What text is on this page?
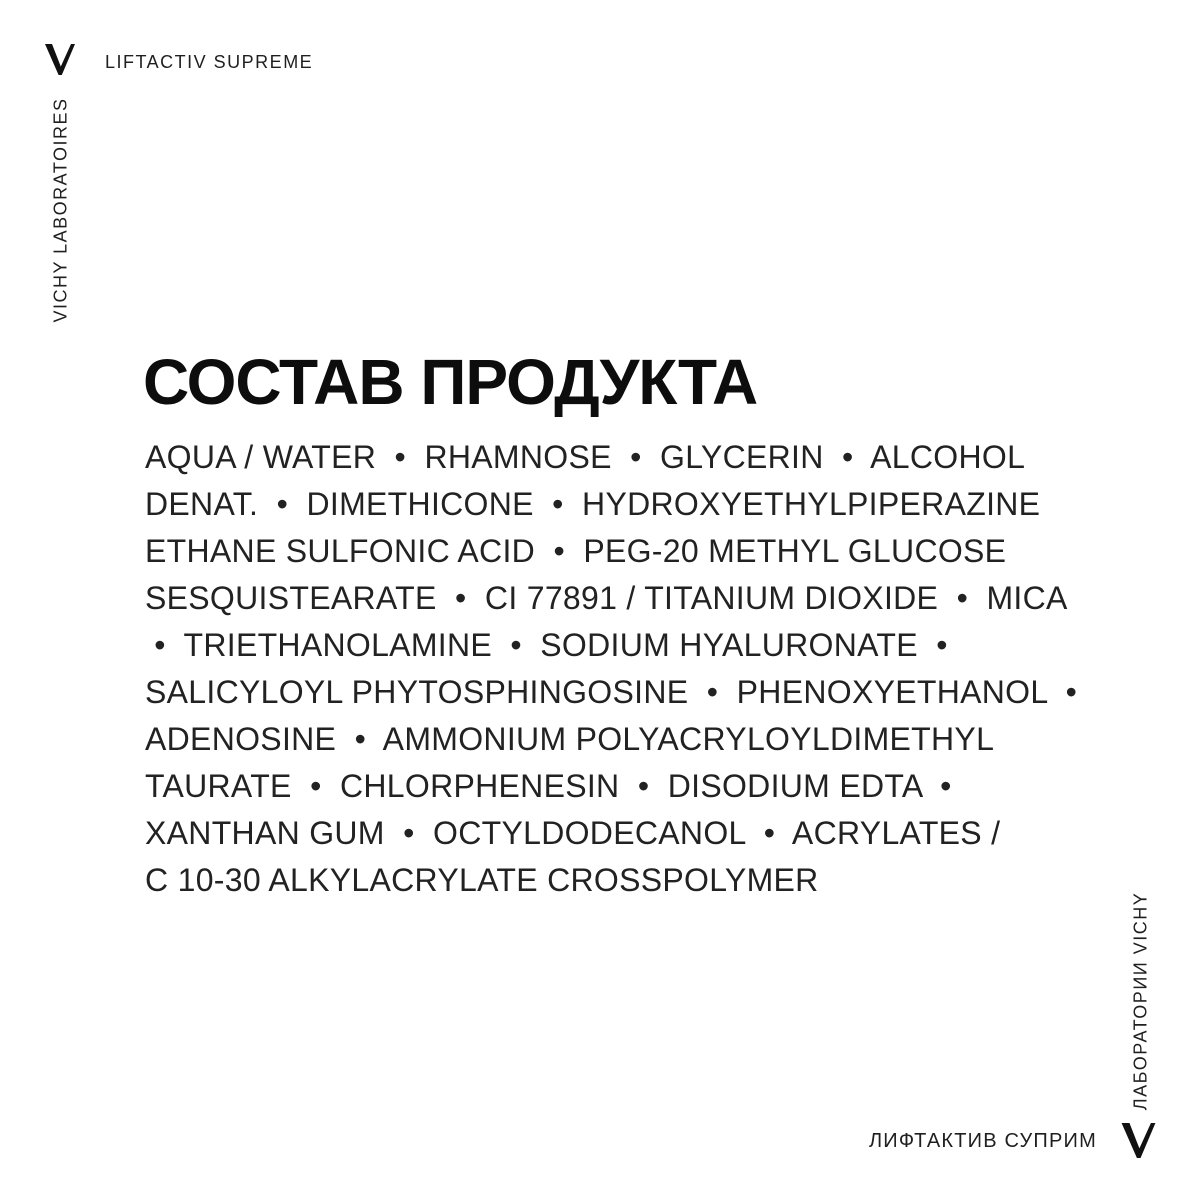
LIFTACTIV SUPREME
VICHY LABORATOIRES
СОСТАВ ПРОДУКТА
AQUA / WATER  •  RHAMNOSE  •  GLYCERIN  •  ALCOHOL
DENAT.  •  DIMETHICONE  •  HYDROXYETHYLPIPERAZINE
ETHANE SULFONIC ACID  •  PEG-20 METHYL GLUCOSE
SESQUISTEARATE  •  CI 77891 / TITANIUM DIOXIDE  •  MICA
•  TRIETHANOLAMINE  •  SODIUM HYALURONATE  •
SALICYLOYL PHYTOSPHINGOSINE  •  PHENOXYETHANOL  •
ADENOSINE  •  AMMONIUM POLYACRYLOYLDIMETHYL
TAURATE  •  CHLORPHENESIN  •  DISODIUM EDTA  •
XANTHAN GUM  •  OCTYLDODECANOL  •  ACRYLATES /
C 10-30 ALKYLACRYLATE CROSSPOLYMER
ЛАБОРАТОРИИ VICHY
ЛИФТАКТИВ СУПРИМ
